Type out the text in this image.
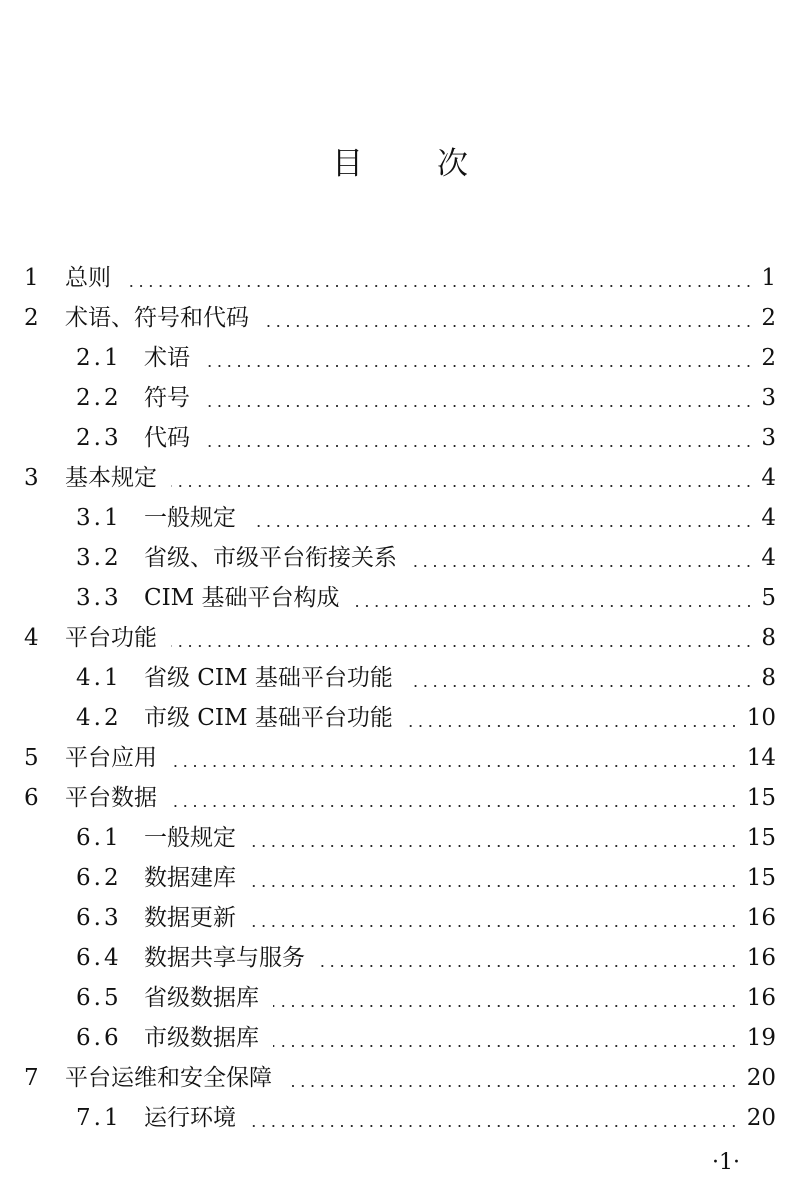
目 次
1 总则	1
2 术语、符号和代码	2
2.1 术语	2
2.2 符号	3
2.3 代码	3
3 基本规定	4
3.1 一般规定	4
3.2 省级、市级平台衔接关系	4
3.3 CIM 基础平台构成	5
4 平台功能	8
4.1 省级 CIM 基础平台功能	8
4.2 市级 CIM 基础平台功能	10
5 平台应用	14
6 平台数据	15
6.1 一般规定	15
6.2 数据建库	15
6.3 数据更新	16
6.4 数据共享与服务	16
6.5 省级数据库	16
6.6 市级数据库	19
7 平台运维和安全保障	20
7.1 运行环境	20
·1·
